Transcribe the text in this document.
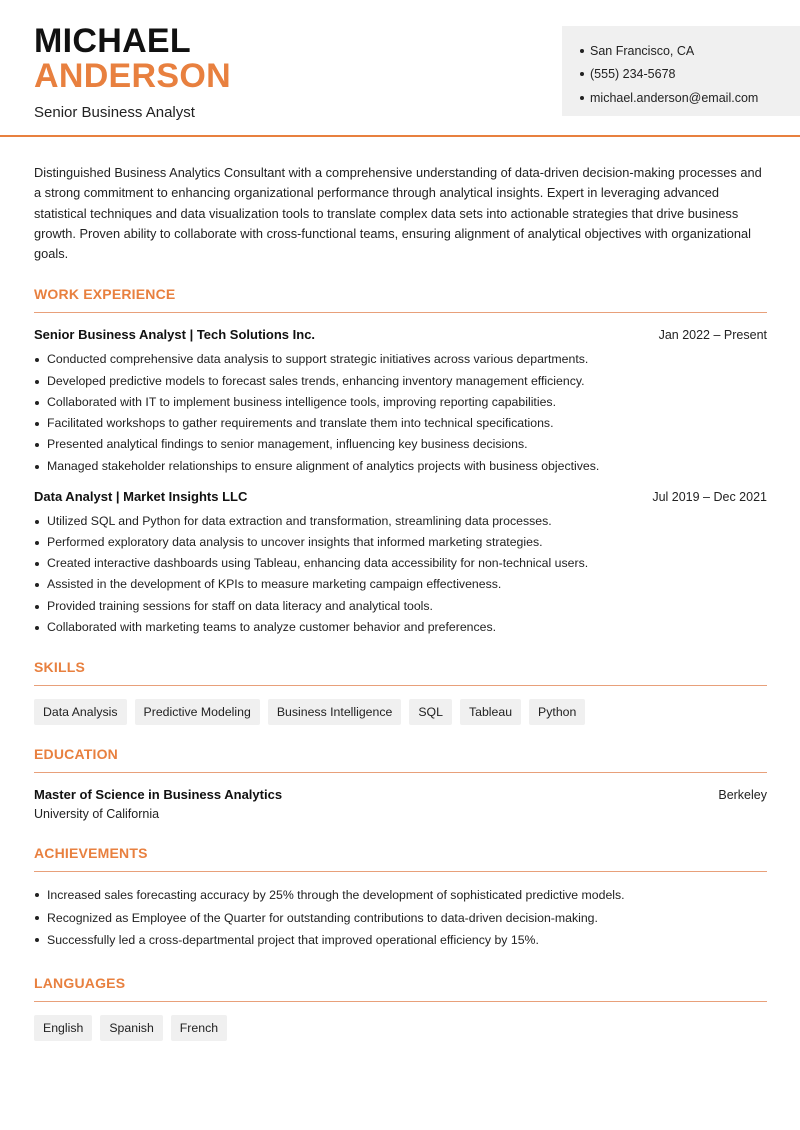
MICHAEL
ANDERSON
Senior Business Analyst
San Francisco, CA
(555) 234-5678
michael.anderson@email.com

Distinguished Business Analytics Consultant with a comprehensive understanding of data-driven decision-making processes and a strong commitment to enhancing organizational performance through analytical insights. Expert in leveraging advanced statistical techniques and data visualization tools to translate complex data sets into actionable strategies that drive business growth. Proven ability to collaborate with cross-functional teams, ensuring alignment of analytical objectives with organizational goals.

WORK EXPERIENCE
Senior Business Analyst | Tech Solutions Inc.	Jan 2022 – Present
Conducted comprehensive data analysis to support strategic initiatives across various departments.
Developed predictive models to forecast sales trends, enhancing inventory management efficiency.
Collaborated with IT to implement business intelligence tools, improving reporting capabilities.
Facilitated workshops to gather requirements and translate them into technical specifications.
Presented analytical findings to senior management, influencing key business decisions.
Managed stakeholder relationships to ensure alignment of analytics projects with business objectives.
Data Analyst | Market Insights LLC	Jul 2019 – Dec 2021
Utilized SQL and Python for data extraction and transformation, streamlining data processes.
Performed exploratory data analysis to uncover insights that informed marketing strategies.
Created interactive dashboards using Tableau, enhancing data accessibility for non-technical users.
Assisted in the development of KPIs to measure marketing campaign effectiveness.
Provided training sessions for staff on data literacy and analytical tools.
Collaborated with marketing teams to analyze customer behavior and preferences.
SKILLS
Data Analysis	Predictive Modeling	Business Intelligence	SQL	Tableau	Python
EDUCATION
Master of Science in Business Analytics	Berkeley
University of California
ACHIEVEMENTS
Increased sales forecasting accuracy by 25% through the development of sophisticated predictive models.
Recognized as Employee of the Quarter for outstanding contributions to data-driven decision-making.
Successfully led a cross-departmental project that improved operational efficiency by 15%.
LANGUAGES
English	Spanish	French
